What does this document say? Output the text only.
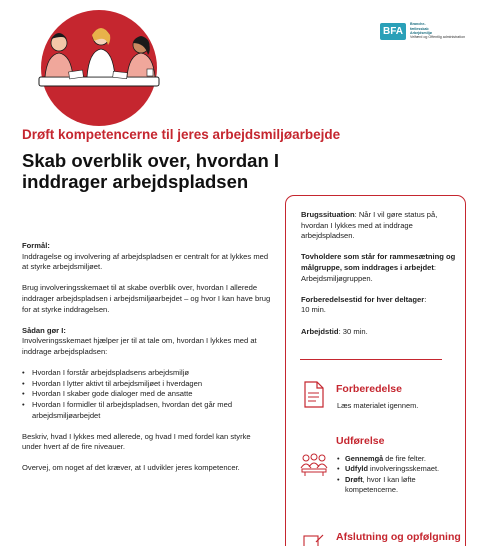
BFA
Branche-
fællesskab
Arbejdsmiljø
Velfærd og Offentlig administration
Drøft kompetencerne til jeres arbejdsmiljøarbejde
Skab overblik over, hvordan I inddrager arbejdspladsen
Formål:

Inddragelse og involvering af arbejdspladsen er centralt for at lykkes med at styrke arbejdsmiljøet.

Brug involveringsskemaet til at skabe overblik over, hvordan I allerede inddrager arbejdspladsen i arbejdsmiljøarbejdet – og hvor I kan have brug for at styrke inddragelsen.

Sådan gør I:

Involveringsskemaet hjælper jer til at tale om, hvordan I lykkes med at inddrage arbejdspladsen:

• Hvordan I forstår arbejdspladsens arbejdsmiljø
• Hvordan I lytter aktivt til arbejdsmiljøet i hverdagen
• Hvordan I skaber gode dialoger med de ansatte
• Hvordan I formidler til arbejdspladsen, hvordan det går med arbejdsmiljøarbejdet

Beskriv, hvad I lykkes med allerede, og hvad I med fordel kan styrke under hvert af de fire niveauer.

Overvej, om noget af det kræver, at I udvikler jeres kompetencer.

Brugssituation: Når I vil gøre status på, hvordan I lykkes med at inddrage arbejdspladsen.

Tovholdere som står for rammesætning og målgruppe, som inddrages i arbejdet:
Arbejdsmiljøgruppen.

Forberedelsestid for hver deltager:
10 min.

Arbejdstid: 30 min.

Forberedelse
Læs materialet igennem.
Udførelse
• Gennemgå de fire felter.
• Udfyld involveringsskemaet.
• Drøft, hvor I kan løfte kompetencerne.
Afslutning og opfølgning
